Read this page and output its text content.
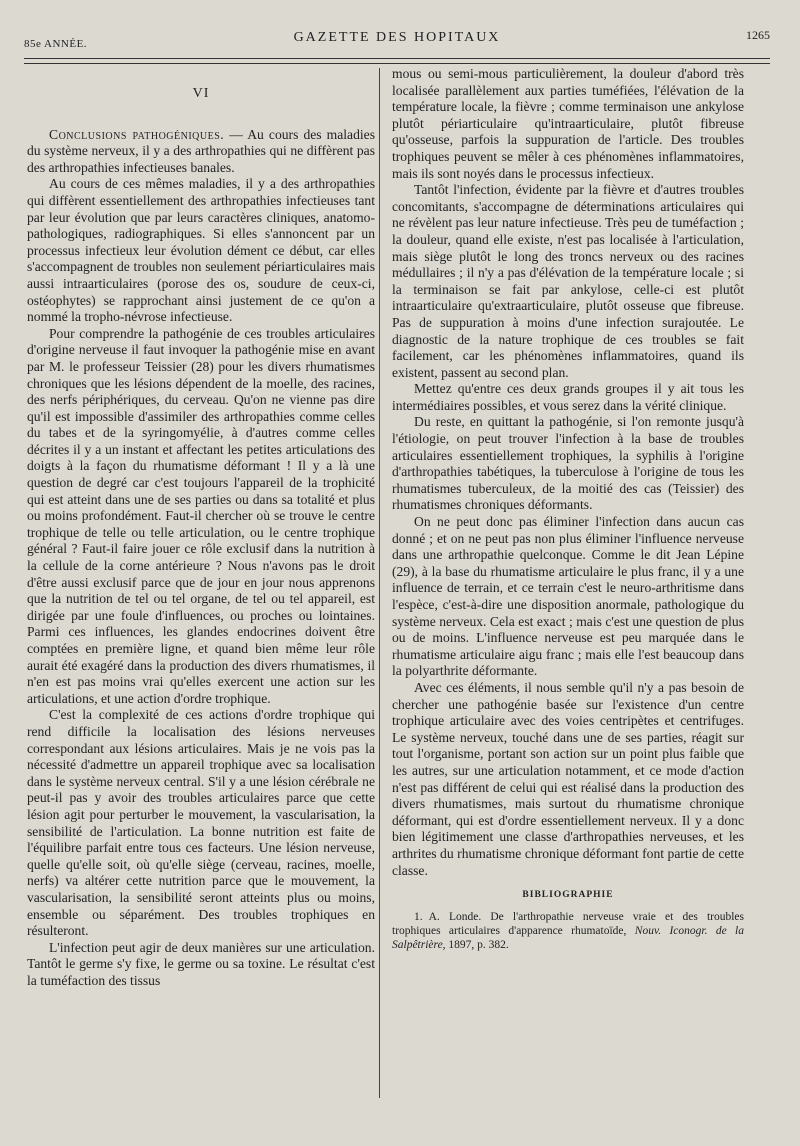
85e ANNÉE.	GAZETTE DES HOPITAUX	1265
VI

Conclusions pathogéniques. — Au cours des maladies du système nerveux, il y a des arthropathies qui ne diffèrent pas des arthropathies infectieuses banales.

Au cours de ces mêmes maladies, il y a des arthropathies qui diffèrent essentiellement des arthropathies infectieuses tant par leur évolution que par leurs caractères cliniques, anatomo-pathologiques, radiographiques. Si elles s'annoncent par un processus infectieux leur évolution dément ce début, car elles s'accompagnent de troubles non seulement périarticulaires mais aussi intraarticulaires (porose des os, soudure de ceux-ci, ostéophytes) se rapprochant ainsi justement de ce qu'on a nommé la tropho-névrose infectieuse.

Pour comprendre la pathogénie de ces troubles articulaires d'origine nerveuse il faut invoquer la pathogénie mise en avant par M. le professeur Teissier (28) pour les divers rhumatismes chroniques que les lésions dépendent de la moelle, des racines, des nerfs périphériques, du cerveau. Qu'on ne vienne pas dire qu'il est impossible d'assimiler des arthropathies comme celles du tabes et de la syringomyélie, à d'autres comme celles décrites il y a un instant et affectant les petites articulations des doigts à la façon du rhumatisme déformant ! Il y a là une question de degré car c'est toujours l'appareil de la trophicité qui est atteint dans une de ses parties ou dans sa totalité et plus ou moins profondément. Faut-il chercher où se trouve le centre trophique de telle ou telle articulation, ou le centre trophique général ? Faut-il faire jouer ce rôle exclusif dans la nutrition à la cellule de la corne antérieure ? Nous n'avons pas le droit d'être aussi exclusif parce que de jour en jour nous apprenons que la nutrition de tel ou tel organe, de tel ou tel appareil, est dirigée par une foule d'influences, ou proches ou lointaines. Parmi ces influences, les glandes endocrines doivent être comptées en première ligne, et quand bien même leur rôle aurait été exagéré dans la production des divers rhumatismes, il n'en est pas moins vrai qu'elles exercent une action sur les articulations, et une action d'ordre trophique.

C'est la complexité de ces actions d'ordre trophique qui rend difficile la localisation des lésions nerveuses correspondant aux lésions articulaires. Mais je ne vois pas la nécessité d'admettre un appareil trophique avec sa localisation dans le système nerveux central. S'il y a une lésion cérébrale ne peut-il pas y avoir des troubles articulaires parce que cette lésion agit pour perturber le mouvement, la vascularisation, la sensibilité de l'articulation. La bonne nutrition est faite de l'équilibre parfait entre tous ces facteurs. Une lésion nerveuse, quelle qu'elle soit, où qu'elle siège (cerveau, racines, moelle, nerfs) va altérer cette nutrition parce que le mouvement, la vascularisation, la sensibilité seront atteints plus ou moins, ensemble ou séparément. Des troubles trophiques en résulteront.

L'infection peut agir de deux manières sur une articulation. Tantôt le germe s'y fixe, le germe ou sa toxine. Le résultat c'est la tuméfaction des tissus

mous ou semi-mous particulièrement, la douleur d'abord très localisée parallèlement aux parties tuméfiées, l'élévation de la température locale, la fièvre ; comme terminaison une ankylose plutôt périarticulaire qu'intraarticulaire, plutôt fibreuse qu'osseuse, parfois la suppuration de l'article. Des troubles trophiques peuvent se mêler à ces phénomènes inflammatoires, mais ils sont noyés dans le processus infectieux.

Tantôt l'infection, évidente par la fièvre et d'autres troubles concomitants, s'accompagne de déterminations articulaires qui ne révèlent pas leur nature infectieuse. Très peu de tuméfaction ; la douleur, quand elle existe, n'est pas localisée à l'articulation, mais siège plutôt le long des troncs nerveux ou des racines médullaires ; il n'y a pas d'élévation de la température locale ; si la terminaison se fait par ankylose, celle-ci est plutôt intraarticulaire qu'extraarticulaire, plutôt osseuse que fibreuse. Pas de suppuration à moins d'une infection surajoutée. Le diagnostic de la nature trophique de ces troubles se fait facilement, car les phénomènes inflammatoires, quand ils existent, passent au second plan.

Mettez qu'entre ces deux grands groupes il y ait tous les intermédiaires possibles, et vous serez dans la vérité clinique.

Du reste, en quittant la pathogénie, si l'on remonte jusqu'à l'étiologie, on peut trouver l'infection à la base de troubles articulaires essentiellement trophiques, la syphilis à l'origine d'arthropathies tabétiques, la tuberculose à l'origine de tous les rhumatismes tuberculeux, de la moitié des cas (Teissier) des rhumatismes chroniques déformants.

On ne peut donc pas éliminer l'infection dans aucun cas donné ; et on ne peut pas non plus éliminer l'influence nerveuse dans une arthropathie quelconque. Comme le dit Jean Lépine (29), à la base du rhumatisme articulaire le plus franc, il y a une influence de terrain, et ce terrain c'est le neuro-arthritisme dans l'espèce, c'est-à-dire une disposition anormale, pathologique du système nerveux. Cela est exact ; mais c'est une question de plus ou de moins. L'influence nerveuse est peu marquée dans le rhumatisme articulaire aigu franc ; mais elle l'est beaucoup dans la polyarthrite déformante.

Avec ces éléments, il nous semble qu'il n'y a pas besoin de chercher une pathogénie basée sur l'existence d'un centre trophique articulaire avec des voies centripètes et centrifuges. Le système nerveux, touché dans une de ses parties, réagit sur tout l'organisme, portant son action sur un point plus faible que les autres, sur une articulation notamment, et ce mode d'action n'est pas différent de celui qui est réalisé dans la production des divers rhumatismes, mais surtout du rhumatisme chronique déformant, qui est d'ordre essentiellement nerveux. Il y a donc bien légitimement une classe d'arthropathies nerveuses, et les arthrites du rhumatisme chronique déformant font partie de cette classe.

BIBLIOGRAPHIE

1. A. Londe. De l'arthropathie nerveuse vraie et des troubles trophiques articulaires d'apparence rhumatoïde, Nouv. Iconogr. de la Salpêtrière, 1897, p. 382.
